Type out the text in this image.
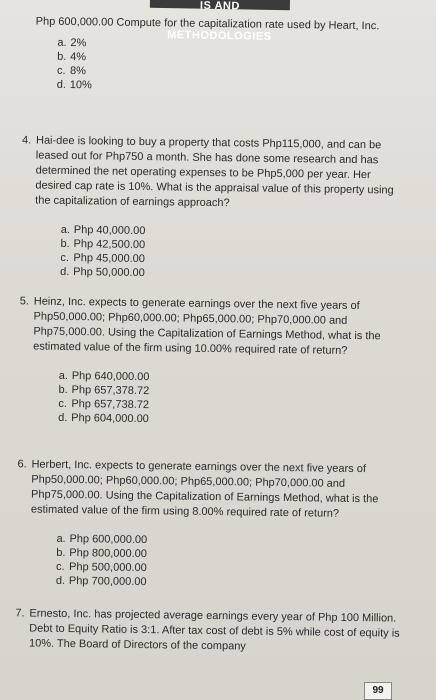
IS AND METHODOLOGIES
Php 600,000.00 Compute for the capitalization rate used by Heart, Inc.
a. 2%
b. 4%
c. 8%
d. 10%
4. Hai-dee is looking to buy a property that costs Php115,000, and can be leased out for Php750 a month. She has done some research and has determined the net operating expenses to be Php5,000 per year. Her desired cap rate is 10%. What is the appraisal value of this property using the capitalization of earnings approach?
a. Php 40,000.00
b. Php 42,500.00
c. Php 45,000.00
d. Php 50,000.00
5. Heinz, Inc. expects to generate earnings over the next five years of Php50,000.00; Php60,000.00; Php65,000.00; Php70,000.00 and Php75,000.00. Using the Capitalization of Earnings Method, what is the estimated value of the firm using 10.00% required rate of return?
a. Php 640,000.00
b. Php 657,378.72
c. Php 657,738.72
d. Php 604,000.00
6. Herbert, Inc. expects to generate earnings over the next five years of Php50,000.00; Php60,000.00; Php65,000.00; Php70,000.00 and Php75,000.00. Using the Capitalization of Earnings Method, what is the estimated value of the firm using 8.00% required rate of return?
a. Php 600,000.00
b. Php 800,000.00
c. Php 500,000.00
d. Php 700,000.00
7. Ernesto, Inc. has projected average earnings every year of Php 100 Million. Debt to Equity Ratio is 3:1. After tax cost of debt is 5% while cost of equity is 10%. The Board of Directors of the company
99
